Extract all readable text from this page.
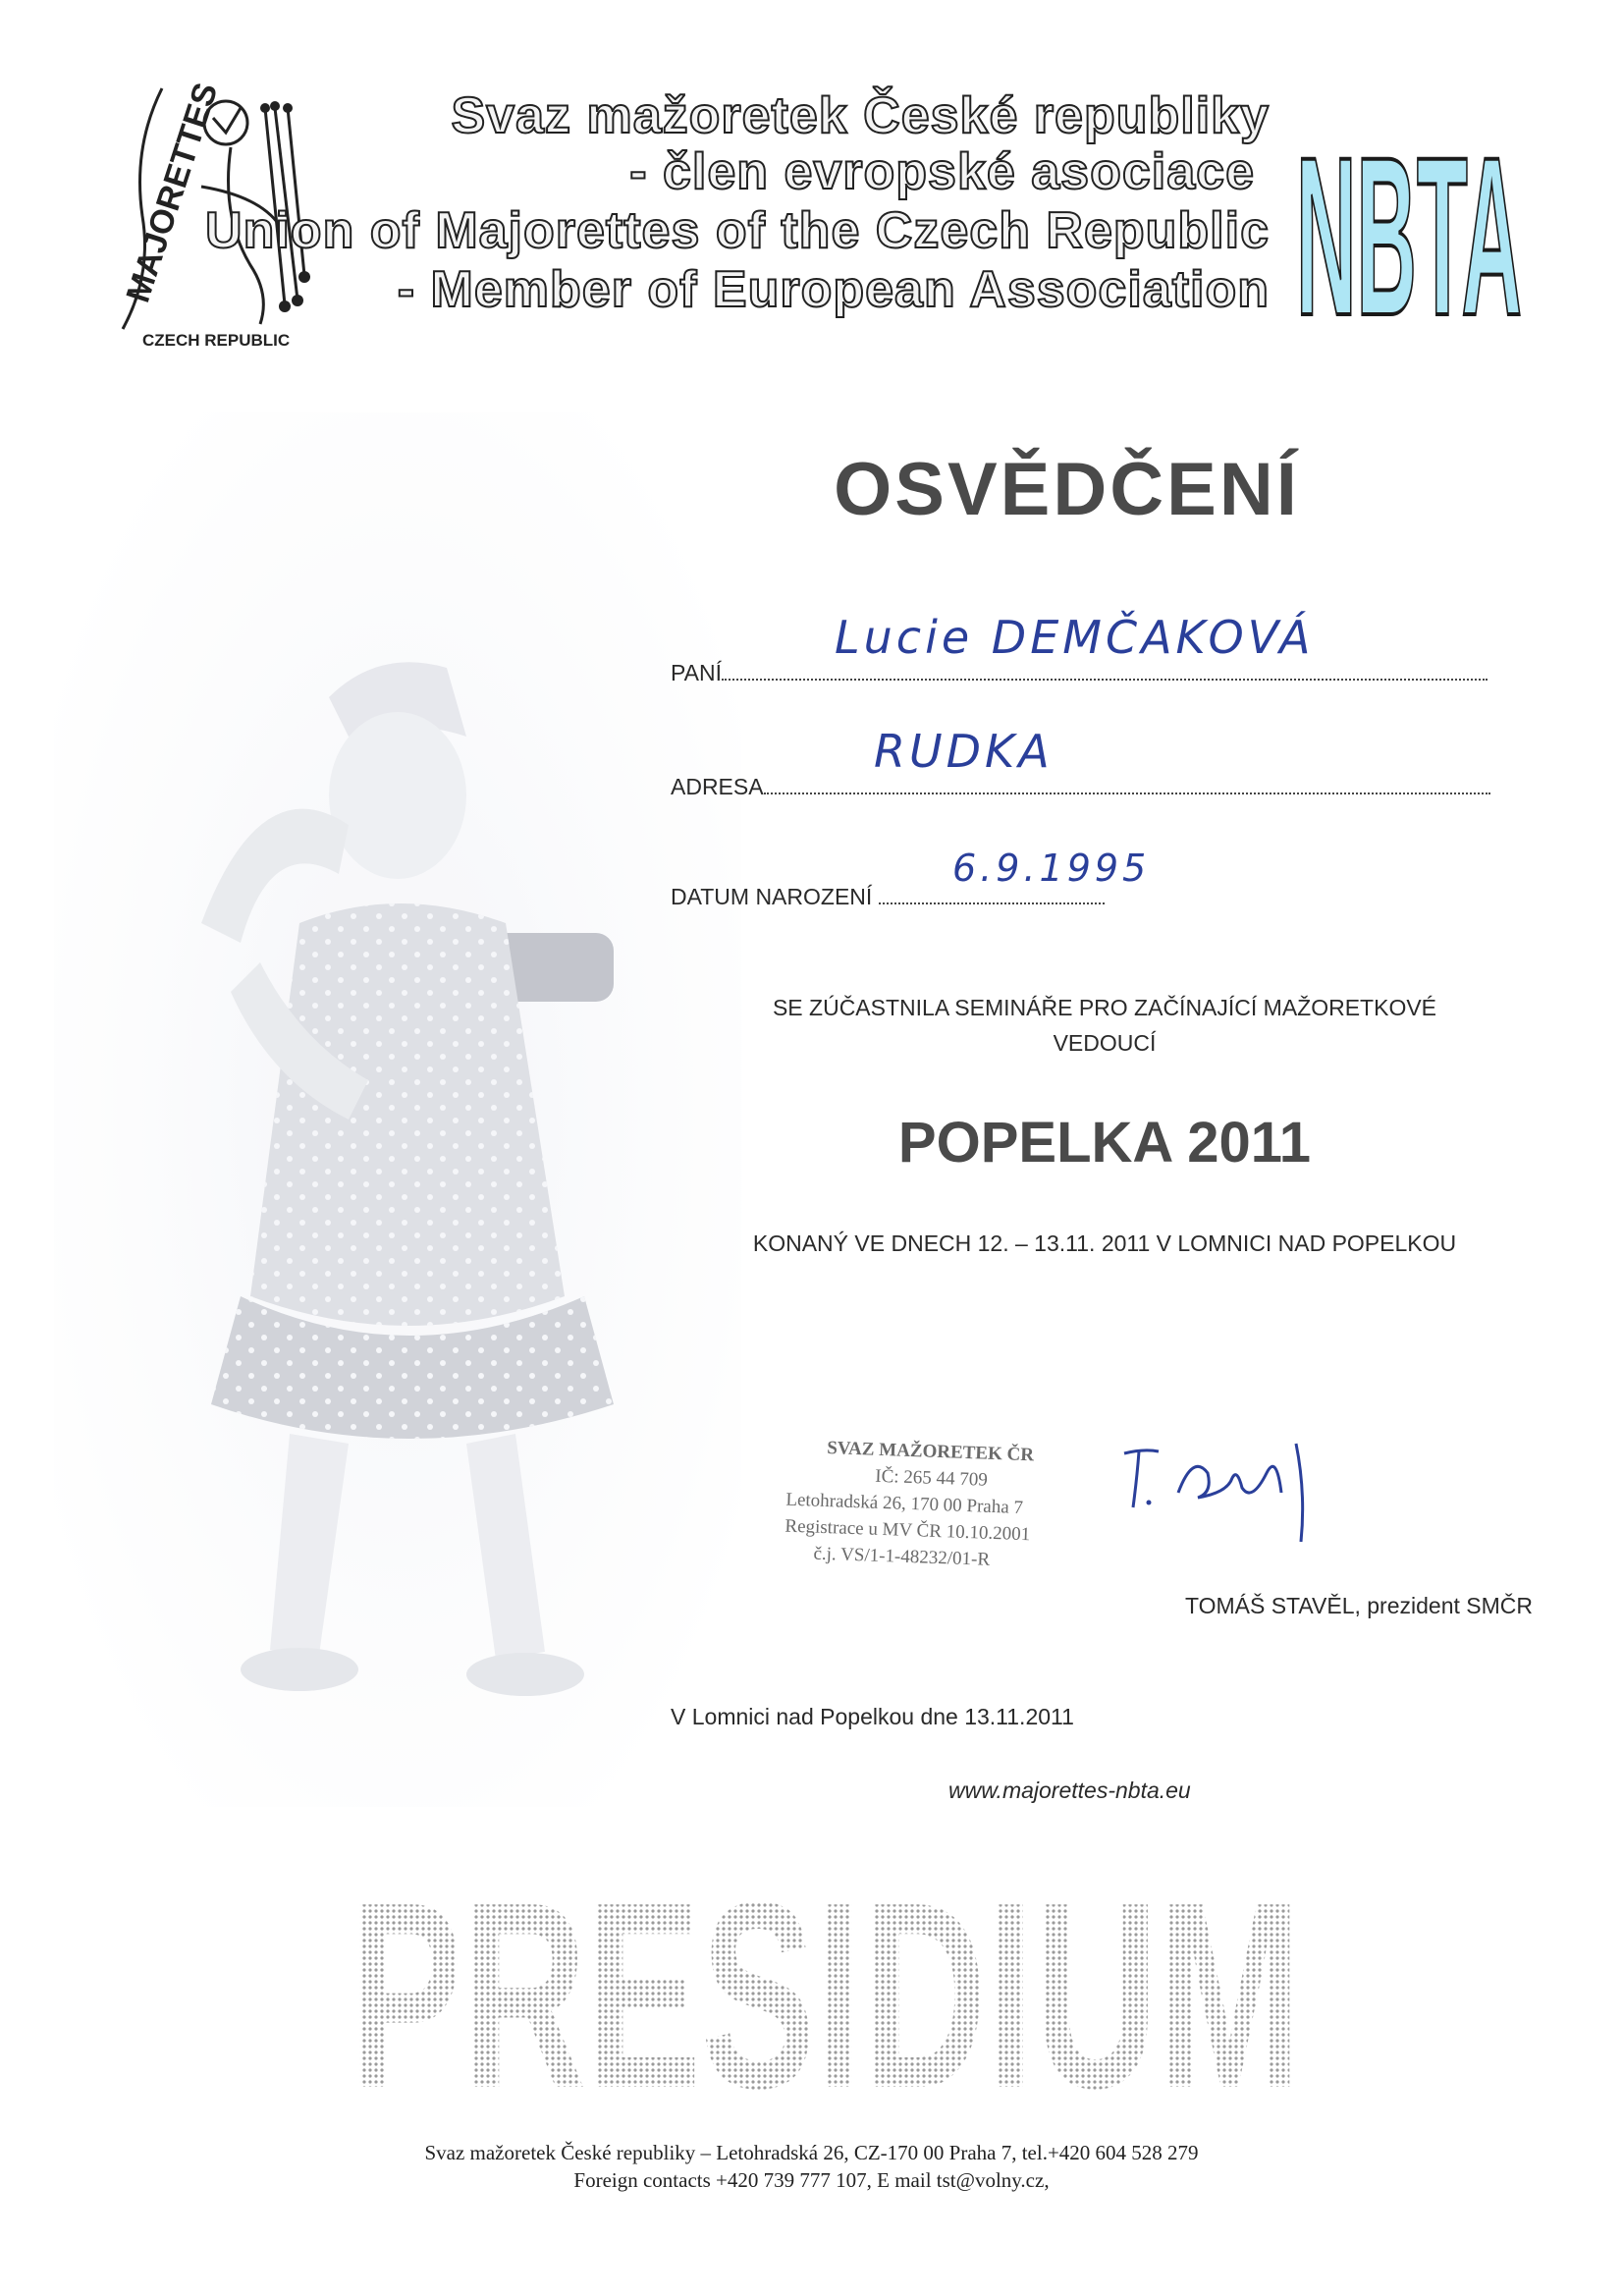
MAJORETTES
CZECH REPUBLIC
Svaz mažoretek České republiky
- člen evropské asociace
Union of Majorettes of the Czech Republic
- Member of European Association NBTA
OSVĚDČENÍ
PANÍ
Lucie DEMČAKOVÁ
ADRESA
RUDKA
DATUM NAROZENÍ
6.9.1995
SE ZÚČASTNILA SEMINÁŘE PRO ZAČÍNAJÍCÍ MAŽORETKOVÉ
VEDOUCÍ
POPELKA 2011
KONANÝ VE DNECH 12. – 13.11. 2011 V LOMNICI NAD POPELKOU
SVAZ MAŽORETEK ČR
IČ: 265 44 709
Letohradská 26, 170 00 Praha 7
Registrace u MV ČR 10.10.2001
č.j. VS/1-1-48232/01-R
TOMÁŠ STAVĚL, prezident SMČR
V Lomnici nad Popelkou dne 13.11.2011
www.majorettes-nbta.eu
PRESIDIUM
Svaz mažoretek České republiky – Letohradská 26, CZ-170 00 Praha 7, tel.+420 604 528 279
Foreign contacts +420 739 777 107, E mail tst@volny.cz,
